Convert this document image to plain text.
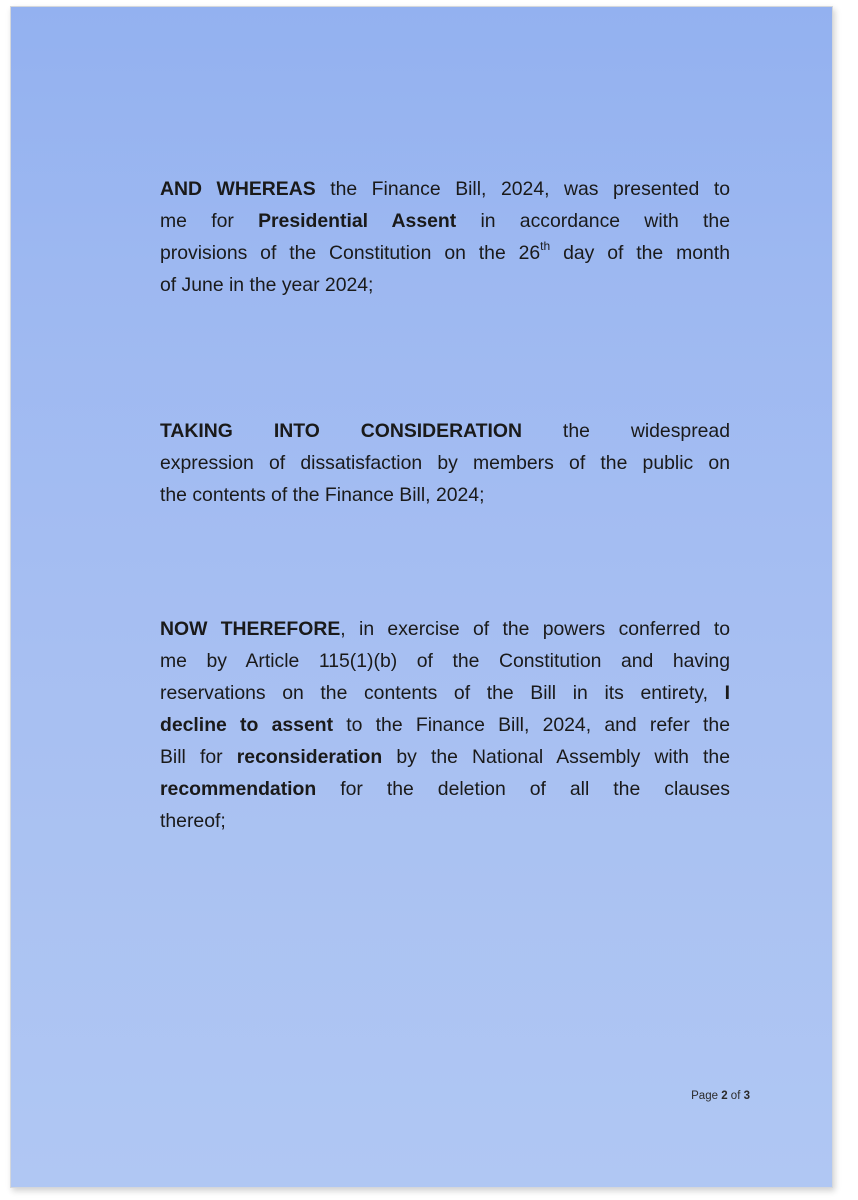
AND WHEREAS the Finance Bill, 2024, was presented to
me for Presidential Assent in accordance with the
provisions of the Constitution on the 26th day of the month
of June in the year 2024;

TAKING INTO CONSIDERATION the widespread
expression of dissatisfaction by members of the public on
the contents of the Finance Bill, 2024;

NOW THEREFORE, in exercise of the powers conferred to
me by Article 115(1)(b) of the Constitution and having
reservations on the contents of the Bill in its entirety, I
decline to assent to the Finance Bill, 2024, and refer the
Bill for reconsideration by the National Assembly with the
recommendation for the deletion of all the clauses
thereof;

Page 2 of 3
